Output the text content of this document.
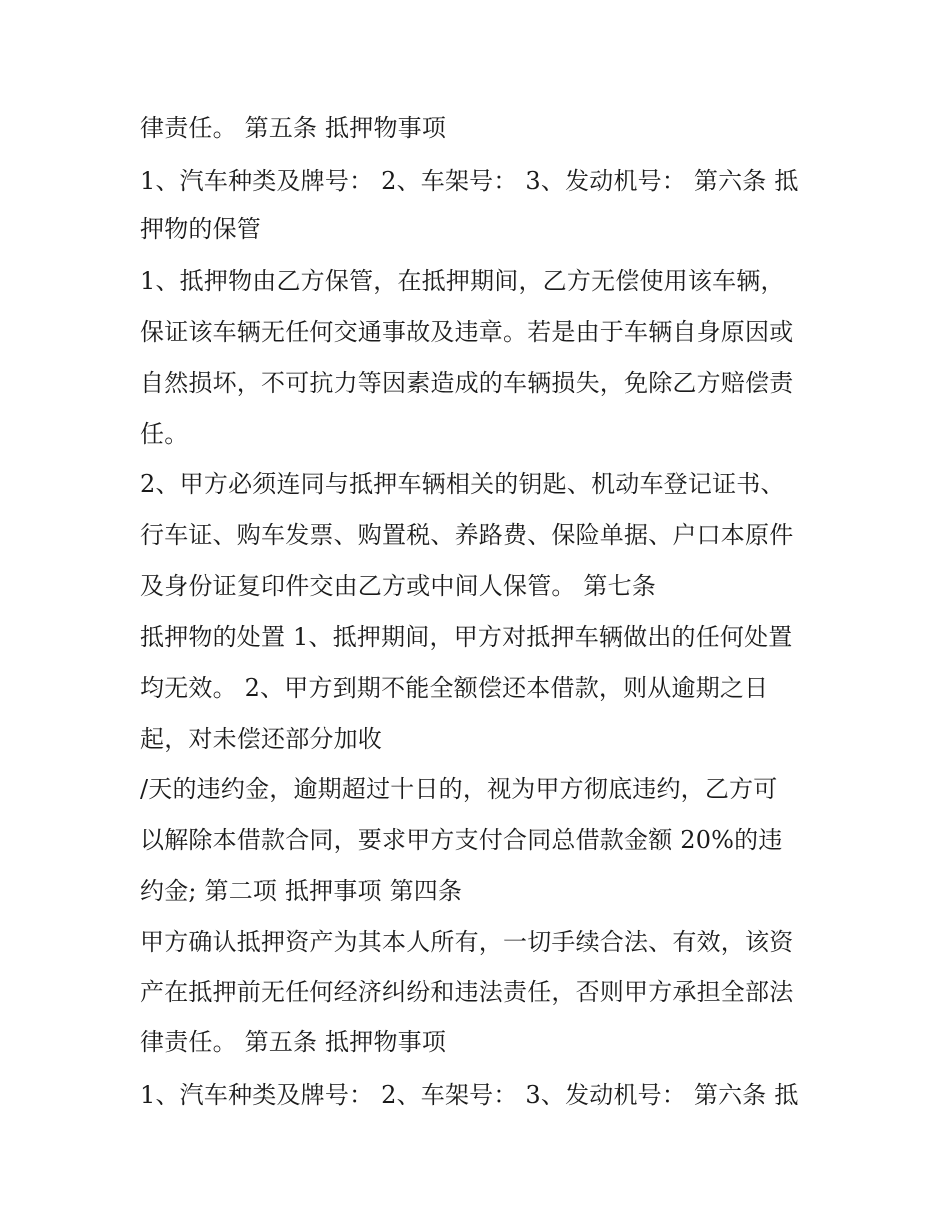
律责任。 第五条 抵押物事项
1、汽车种类及牌号： 2、车架号： 3、发动机号： 第六条 抵
押物的保管
1、抵押物由乙方保管，在抵押期间，乙方无偿使用该车辆，
保证该车辆无任何交通事故及违章。若是由于车辆自身原因或
自然损坏，不可抗力等因素造成的车辆损失，免除乙方赔偿责
任。
2、甲方必须连同与抵押车辆相关的钥匙、机动车登记证书、
行车证、购车发票、购置税、养路费、保险单据、户口本原件
及身份证复印件交由乙方或中间人保管。 第七条
抵押物的处置 1、抵押期间，甲方对抵押车辆做出的任何处置
均无效。 2、甲方到期不能全额偿还本借款，则从逾期之日
起，对未偿还部分加收
/天的违约金，逾期超过十日的，视为甲方彻底违约，乙方可
以解除本借款合同，要求甲方支付合同总借款金额 20%的违
约金; 第二项 抵押事项 第四条
甲方确认抵押资产为其本人所有，一切手续合法、有效，该资
产在抵押前无任何经济纠纷和违法责任，否则甲方承担全部法
律责任。 第五条 抵押物事项
1、汽车种类及牌号： 2、车架号： 3、发动机号： 第六条 抵
